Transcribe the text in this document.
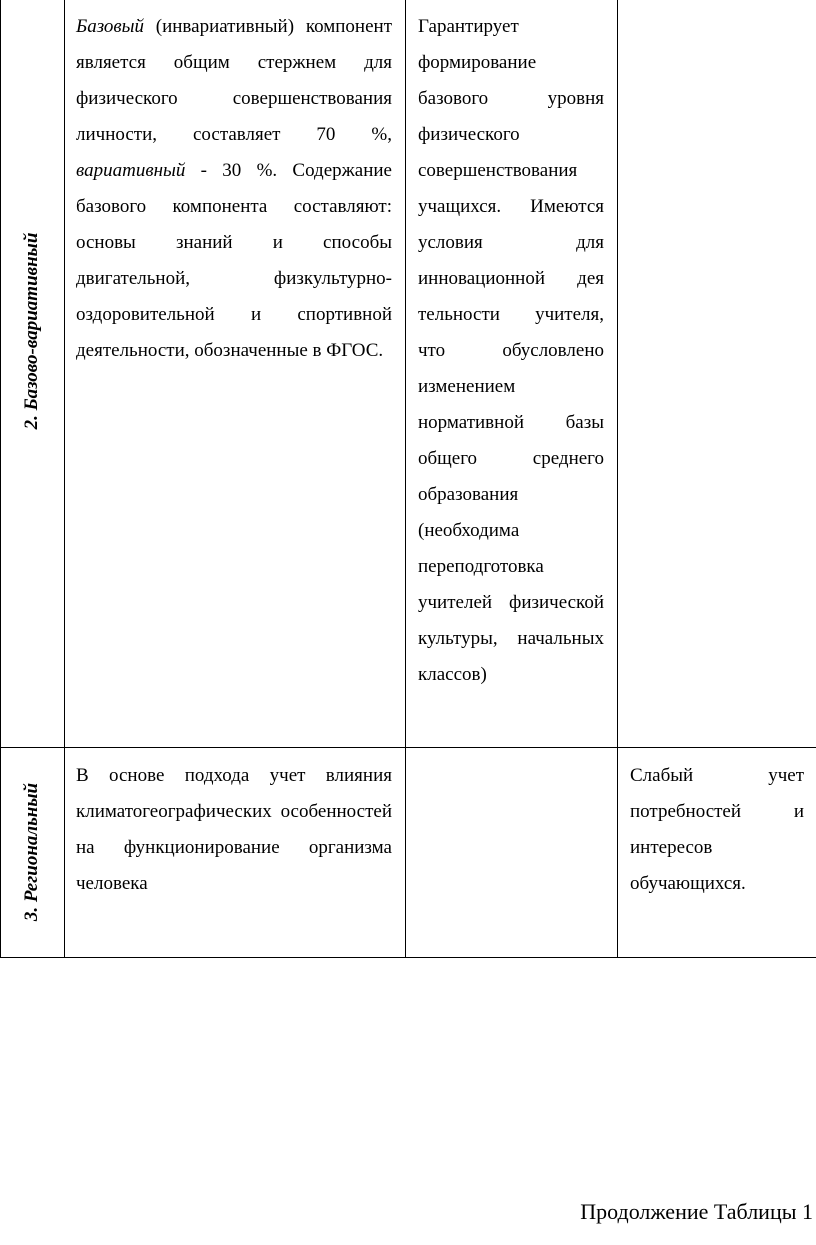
2. Базово-вариативный
Базовый (инвариативный) компонент является общим стержнем для физического совершенствования личности, составляет 70 %, вариативный - 30 %. Содержание базового компонента составляют: основы знаний и способы двигательной, физкультурно-оздоровительной и спортивной деятельности, обозначенные в ФГОС.
Гарантирует формирование базового уровня физического совершенствования учащихся. Имеются условия для инновационной дея тельности учителя, что обусловлено изменением нормативной базы общего среднего образования (необходима переподготовка учителей физической культуры, начальных классов)
3. Региональный
В основе подхода учет влияния климатогеографических особенностей на функционирование организма человека
Слабый учет потребностей и интересов обучающихся.
Продолжение Таблицы 1
